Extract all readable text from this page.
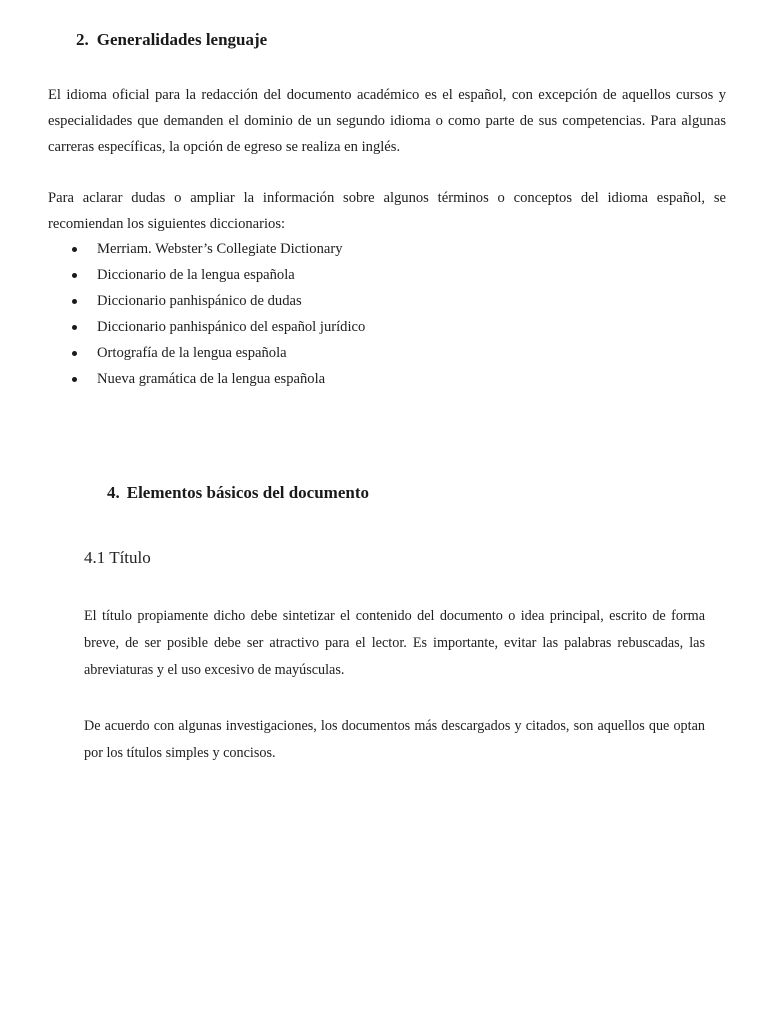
2. Generalidades lenguaje

El idioma oficial para la redacción del documento académico es el español, con excepción de aquellos cursos y especialidades que demanden el dominio de un segundo idioma o como parte de sus competencias. Para algunas carreras específicas, la opción de egreso se realiza en inglés.

Para aclarar dudas o ampliar la información sobre algunos términos o conceptos del idioma español, se recomiendan los siguientes diccionarios:

Merriam. Webster’s Collegiate Dictionary
Diccionario de la lengua española
Diccionario panhispánico de dudas
Diccionario panhispánico del español jurídico
Ortografía de la lengua española
Nueva gramática de la lengua española
4. Elementos básicos del documento
4.1 Título

El título propiamente dicho debe sintetizar el contenido del documento o idea principal, escrito de forma breve, de ser posible debe ser atractivo para el lector. Es importante, evitar las palabras rebuscadas, las abreviaturas y el uso excesivo de mayúsculas.

De acuerdo con algunas investigaciones, los documentos más descargados y citados, son aquellos que optan por los títulos simples y concisos.
